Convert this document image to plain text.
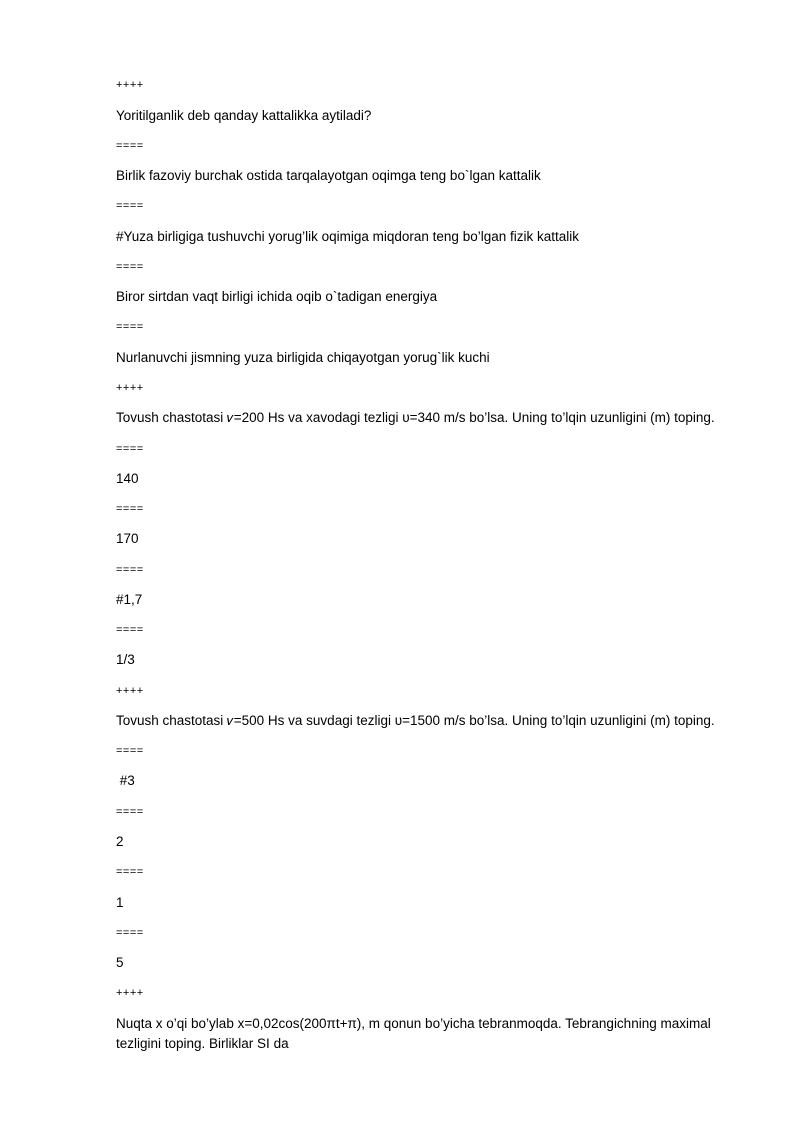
++++

Yoritilganlik deb qanday kattalikka aytiladi?

====

Birlik fazoviy burchak ostida tarqalayotgan oqimga teng bo`lgan kattalik

====

#Yuza birligiga tushuvchi yorug’lik oqimiga miqdoran teng bo’lgan fizik kattalik

====

Biror sirtdan vaqt birligi ichida oqib o`tadigan energiya

====

Nurlanuvchi jismning yuza birligida chiqayotgan yorug`lik kuchi

++++

Tovush chastotasi 𝜈=200 Hs va xavodagi tezligi υ=340 m/s bo’lsa. Uning to’lqin uzunligini (m) toping.

====

140

====

170

====

#1,7

====

1/3

++++

Tovush chastotasi 𝜈=500 Hs va suvdagi tezligi υ=1500 m/s bo’lsa. Uning to’lqin uzunligini (m) toping.

====

#3

====

2

====

1

====

5

++++

Nuqta x o’qi bo’ylab x=0,02cos(200πt+π), m qonun bo’yicha tebranmoqda. Tebrangichning maximal tezligini toping. Birliklar SI da
